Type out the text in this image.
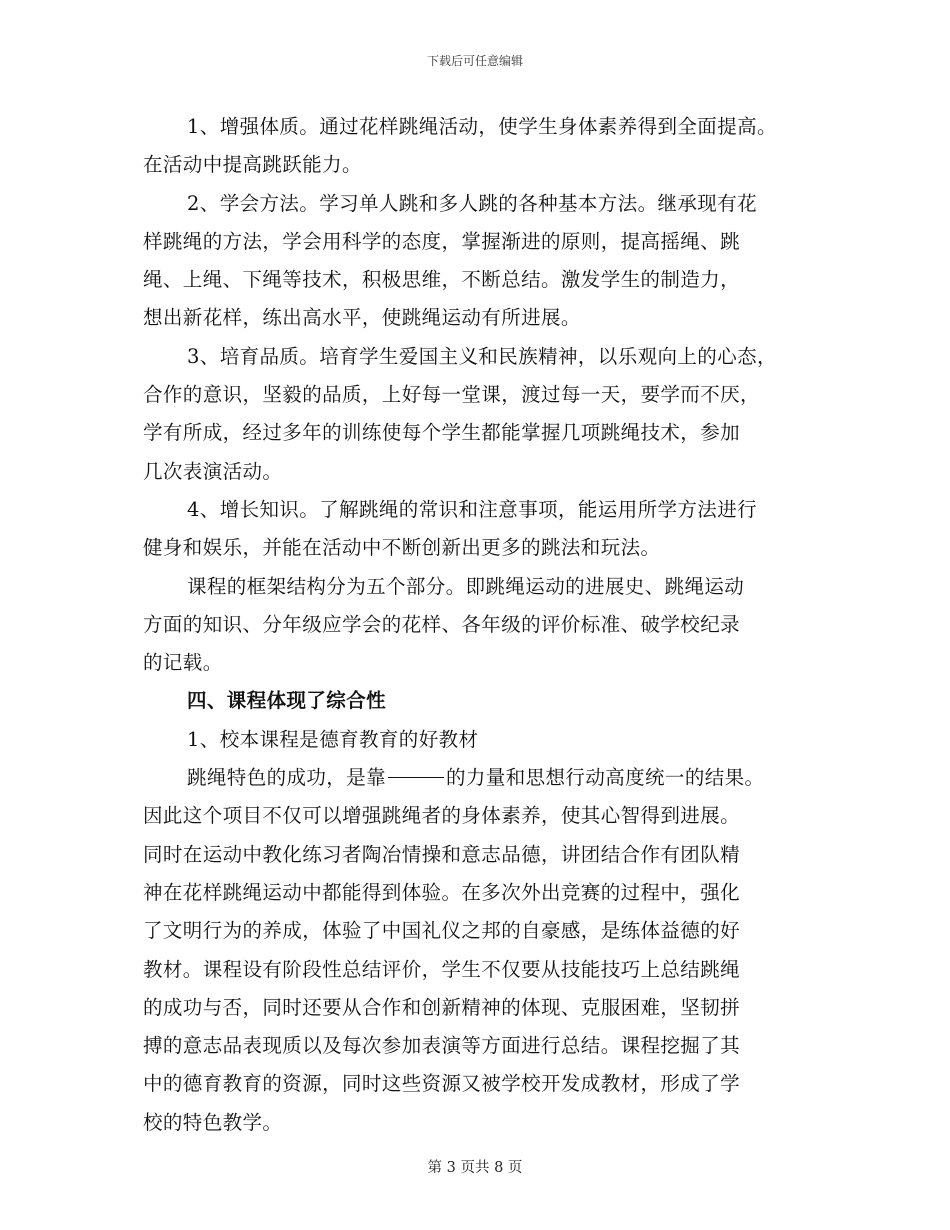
下载后可任意编辑
1、增强体质。通过花样跳绳活动，使学生身体素养得到全面提高。
在活动中提高跳跃能力。
2、学会方法。学习单人跳和多人跳的各种基本方法。继承现有花
样跳绳的方法，学会用科学的态度，掌握渐进的原则，提高摇绳、跳
绳、上绳、下绳等技术，积极思维，不断总结。激发学生的制造力，
想出新花样，练出高水平，使跳绳运动有所进展。
3、培育品质。培育学生爱国主义和民族精神，以乐观向上的心态，
合作的意识，坚毅的品质，上好每一堂课，渡过每一天，要学而不厌，
学有所成，经过多年的训练使每个学生都能掌握几项跳绳技术，参加
几次表演活动。
4、增长知识。了解跳绳的常识和注意事项，能运用所学方法进行
健身和娱乐，并能在活动中不断创新出更多的跳法和玩法。
课程的框架结构分为五个部分。即跳绳运动的进展史、跳绳运动
方面的知识、分年级应学会的花样、各年级的评价标准、破学校纪录
的记载。
四、课程体现了综合性
1、校本课程是德育教育的好教材
跳绳特色的成功，是靠	的力量和思想行动高度统一的结果。
因此这个项目不仅可以增强跳绳者的身体素养，使其心智得到进展。
同时在运动中教化练习者陶冶情操和意志品德，讲团结合作有团队精
神在花样跳绳运动中都能得到体验。在多次外出竞赛的过程中，强化
了文明行为的养成，体验了中国礼仪之邦的自豪感，是练体益德的好
教材。课程设有阶段性总结评价，学生不仅要从技能技巧上总结跳绳
的成功与否，同时还要从合作和创新精神的体现、克服困难，坚韧拼
搏的意志品表现质以及每次参加表演等方面进行总结。课程挖掘了其
中的德育教育的资源，同时这些资源又被学校开发成教材，形成了学
校的特色教学。
第 3 页共 8 页
